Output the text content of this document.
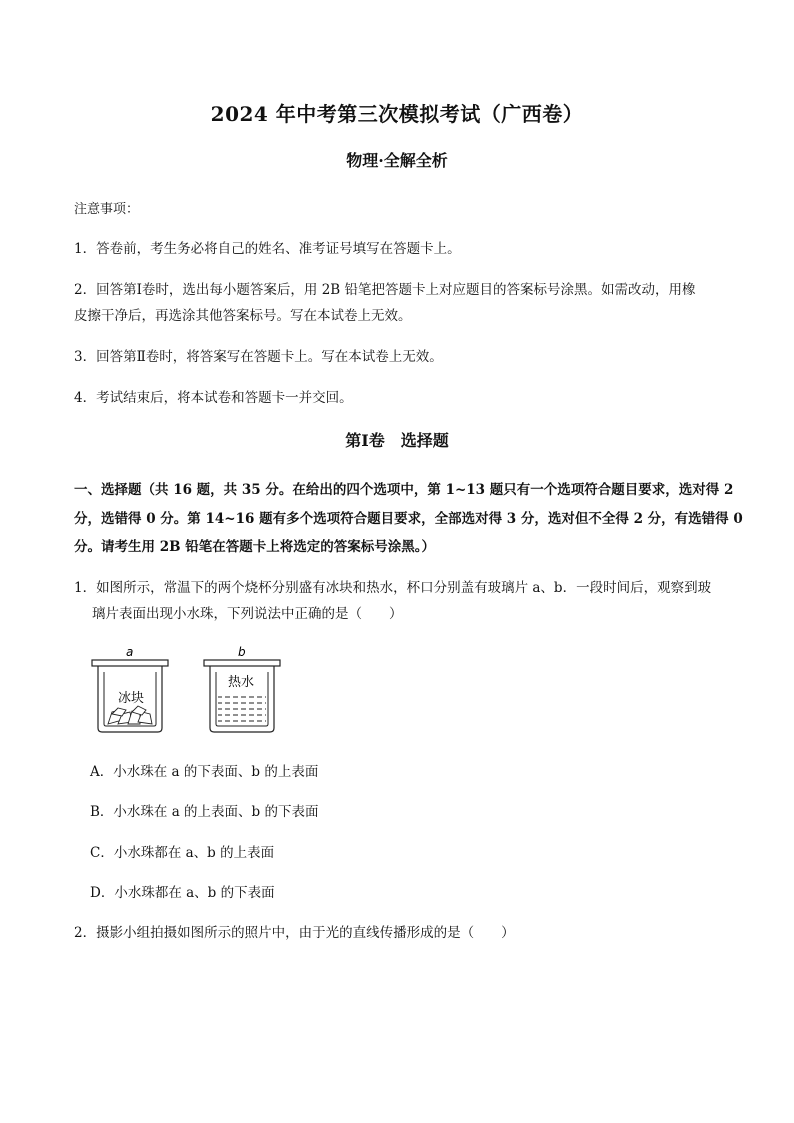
2024 年中考第三次模拟考试（广西卷）
物理·全解全析
注意事项：
1．答卷前，考生务必将自己的姓名、准考证号填写在答题卡上。
2．回答第Ⅰ卷时，选出每小题答案后，用 2B 铅笔把答题卡上对应题目的答案标号涂黑。如需改动，用橡
皮擦干净后，再选涂其他答案标号。写在本试卷上无效。
3．回答第Ⅱ卷时，将答案写在答题卡上。写在本试卷上无效。
4．考试结束后，将本试卷和答题卡一并交回。
第Ⅰ卷　选择题
一、选择题（共 16 题，共 35 分。在给出的四个选项中，第 1~13 题只有一个选项符合题目要求，选对得 2
分，选错得 0 分。第 14~16 题有多个选项符合题目要求，全部选对得 3 分，选对但不全得 2 分，有选错得 0
分。请考生用 2B 铅笔在答题卡上将选定的答案标号涂黑。）
1．如图所示，常温下的两个烧杯分别盛有冰块和热水，杯口分别盖有玻璃片 a、b．一段时间后，观察到玻
璃片表面出现小水珠，下列说法中正确的是（　　）
a
冰块
b
热水
A．小水珠在 a 的下表面、b 的上表面
B．小水珠在 a 的上表面、b 的下表面
C．小水珠都在 a、b 的上表面
D．小水珠都在 a、b 的下表面
2．摄影小组拍摄如图所示的照片中，由于光的直线传播形成的是（　　）
